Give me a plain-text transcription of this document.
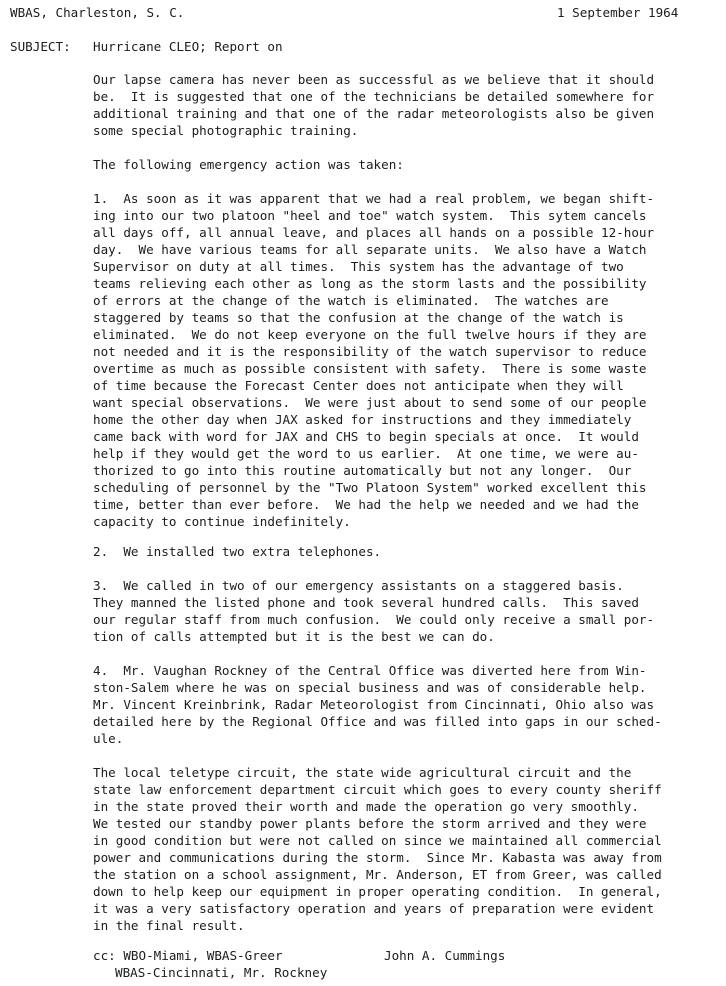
WBAS, Charleston, S. C.	1 September 1964
SUBJECT: Hurricane CLEO; Report on
Our lapse camera has never been as successful as we believe that it should
be.  It is suggested that one of the technicians be detailed somewhere for
additional training and that one of the radar meteorologists also be given
some special photographic training.
The following emergency action was taken:
1.  As soon as it was apparent that we had a real problem, we began shift-
ing into our two platoon "heel and toe" watch system.  This sytem cancels
all days off, all annual leave, and places all hands on a possible 12-hour
day.  We have various teams for all separate units.  We also have a Watch
Supervisor on duty at all times.  This system has the advantage of two
teams relieving each other as long as the storm lasts and the possibility
of errors at the change of the watch is eliminated.  The watches are
staggered by teams so that the confusion at the change of the watch is
eliminated.  We do not keep everyone on the full twelve hours if they are
not needed and it is the responsibility of the watch supervisor to reduce
overtime as much as possible consistent with safety.  There is some waste
of time because the Forecast Center does not anticipate when they will
want special observations.  We were just about to send some of our people
home the other day when JAX asked for instructions and they immediately
came back with word for JAX and CHS to begin specials at once.  It would
help if they would get the word to us earlier.  At one time, we were au-
thorized to go into this routine automatically but not any longer.  Our
scheduling of personnel by the "Two Platoon System" worked excellent this
time, better than ever before.  We had the help we needed and we had the
capacity to continue indefinitely.
2.  We installed two extra telephones.
3.  We called in two of our emergency assistants on a staggered basis.
They manned the listed phone and took several hundred calls.  This saved
our regular staff from much confusion.  We could only receive a small por-
tion of calls attempted but it is the best we can do.
4.  Mr. Vaughan Rockney of the Central Office was diverted here from Win-
ston-Salem where he was on special business and was of considerable help.
Mr. Vincent Kreinbrink, Radar Meteorologist from Cincinnati, Ohio also was
detailed here by the Regional Office and was filled into gaps in our sched-
ule.
The local teletype circuit, the state wide agricultural circuit and the
state law enforcement department circuit which goes to every county sheriff
in the state proved their worth and made the operation go very smoothly.
We tested our standby power plants before the storm arrived and they were
in good condition but were not called on since we maintained all commercial
power and communications during the storm.  Since Mr. Kabasta was away from
the station on a school assignment, Mr. Anderson, ET from Greer, was called
down to help keep our equipment in proper operating condition.  In general,
it was a very satisfactory operation and years of preparation were evident
in the final result.
cc: WBO-Miami, WBAS-Greer	John A. Cummings
WBAS-Cincinnati, Mr. Rockney
